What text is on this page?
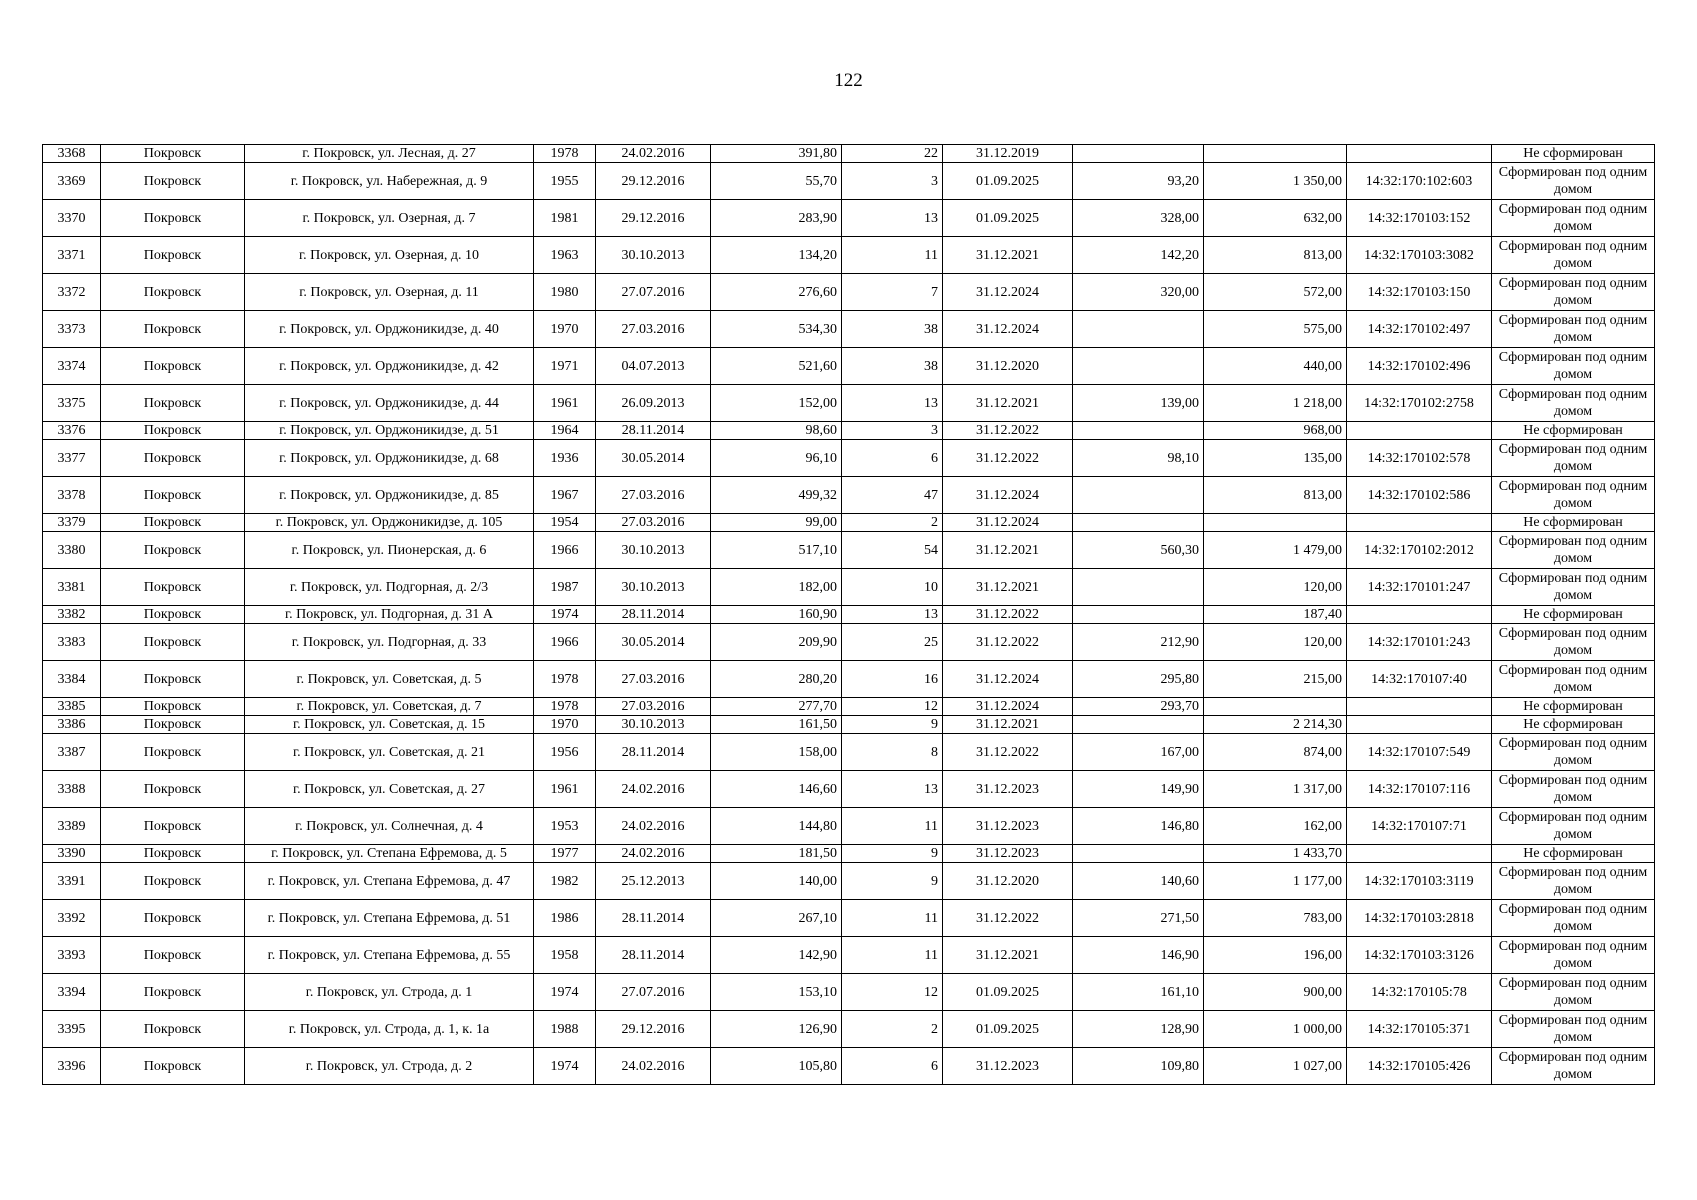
122
3368	Покровск	г. Покровск, ул. Лесная, д. 27	1978	24.02.2016	391,80	22	31.12.2019				Не сформирован
3369	Покровск	г. Покровск, ул. Набережная, д. 9	1955	29.12.2016	55,70	3	01.09.2025	93,20	1 350,00	14:32:170:102:603	Сформирован под одним домом
3370	Покровск	г. Покровск, ул. Озерная, д. 7	1981	29.12.2016	283,90	13	01.09.2025	328,00	632,00	14:32:170103:152	Сформирован под одним домом
3371	Покровск	г. Покровск, ул. Озерная, д. 10	1963	30.10.2013	134,20	11	31.12.2021	142,20	813,00	14:32:170103:3082	Сформирован под одним домом
3372	Покровск	г. Покровск, ул. Озерная, д. 11	1980	27.07.2016	276,60	7	31.12.2024	320,00	572,00	14:32:170103:150	Сформирован под одним домом
3373	Покровск	г. Покровск, ул. Орджоникидзе, д. 40	1970	27.03.2016	534,30	38	31.12.2024		575,00	14:32:170102:497	Сформирован под одним домом
3374	Покровск	г. Покровск, ул. Орджоникидзе, д. 42	1971	04.07.2013	521,60	38	31.12.2020		440,00	14:32:170102:496	Сформирован под одним домом
3375	Покровск	г. Покровск, ул. Орджоникидзе, д. 44	1961	26.09.2013	152,00	13	31.12.2021	139,00	1 218,00	14:32:170102:2758	Сформирован под одним домом
3376	Покровск	г. Покровск, ул. Орджоникидзе, д. 51	1964	28.11.2014	98,60	3	31.12.2022		968,00		Не сформирован
3377	Покровск	г. Покровск, ул. Орджоникидзе, д. 68	1936	30.05.2014	96,10	6	31.12.2022	98,10	135,00	14:32:170102:578	Сформирован под одним домом
3378	Покровск	г. Покровск, ул. Орджоникидзе, д. 85	1967	27.03.2016	499,32	47	31.12.2024		813,00	14:32:170102:586	Сформирован под одним домом
3379	Покровск	г. Покровск, ул. Орджоникидзе, д. 105	1954	27.03.2016	99,00	2	31.12.2024				Не сформирован
3380	Покровск	г. Покровск, ул. Пионерская, д. 6	1966	30.10.2013	517,10	54	31.12.2021	560,30	1 479,00	14:32:170102:2012	Сформирован под одним домом
3381	Покровск	г. Покровск, ул. Подгорная, д. 2/3	1987	30.10.2013	182,00	10	31.12.2021		120,00	14:32:170101:247	Сформирован под одним домом
3382	Покровск	г. Покровск, ул. Подгорная, д. 31 А	1974	28.11.2014	160,90	13	31.12.2022		187,40		Не сформирован
3383	Покровск	г. Покровск, ул. Подгорная, д. 33	1966	30.05.2014	209,90	25	31.12.2022	212,90	120,00	14:32:170101:243	Сформирован под одним домом
3384	Покровск	г. Покровск, ул. Советская, д. 5	1978	27.03.2016	280,20	16	31.12.2024	295,80	215,00	14:32:170107:40	Сформирован под одним домом
3385	Покровск	г. Покровск, ул. Советская, д. 7	1978	27.03.2016	277,70	12	31.12.2024	293,70			Не сформирован
3386	Покровск	г. Покровск, ул. Советская, д. 15	1970	30.10.2013	161,50	9	31.12.2021		2 214,30		Не сформирован
3387	Покровск	г. Покровск, ул. Советская, д. 21	1956	28.11.2014	158,00	8	31.12.2022	167,00	874,00	14:32:170107:549	Сформирован под одним домом
3388	Покровск	г. Покровск, ул. Советская, д. 27	1961	24.02.2016	146,60	13	31.12.2023	149,90	1 317,00	14:32:170107:116	Сформирован под одним домом
3389	Покровск	г. Покровск, ул. Солнечная, д. 4	1953	24.02.2016	144,80	11	31.12.2023	146,80	162,00	14:32:170107:71	Сформирован под одним домом
3390	Покровск	г. Покровск, ул. Степана Ефремова, д. 5	1977	24.02.2016	181,50	9	31.12.2023		1 433,70		Не сформирован
3391	Покровск	г. Покровск, ул. Степана Ефремова, д. 47	1982	25.12.2013	140,00	9	31.12.2020	140,60	1 177,00	14:32:170103:3119	Сформирован под одним домом
3392	Покровск	г. Покровск, ул. Степана Ефремова, д. 51	1986	28.11.2014	267,10	11	31.12.2022	271,50	783,00	14:32:170103:2818	Сформирован под одним домом
3393	Покровск	г. Покровск, ул. Степана Ефремова, д. 55	1958	28.11.2014	142,90	11	31.12.2021	146,90	196,00	14:32:170103:3126	Сформирован под одним домом
3394	Покровск	г. Покровск, ул. Строда, д. 1	1974	27.07.2016	153,10	12	01.09.2025	161,10	900,00	14:32:170105:78	Сформирован под одним домом
3395	Покровск	г. Покровск, ул. Строда, д. 1, к. 1а	1988	29.12.2016	126,90	2	01.09.2025	128,90	1 000,00	14:32:170105:371	Сформирован под одним домом
3396	Покровск	г. Покровск, ул. Строда, д. 2	1974	24.02.2016	105,80	6	31.12.2023	109,80	1 027,00	14:32:170105:426	Сформирован под одним домом
